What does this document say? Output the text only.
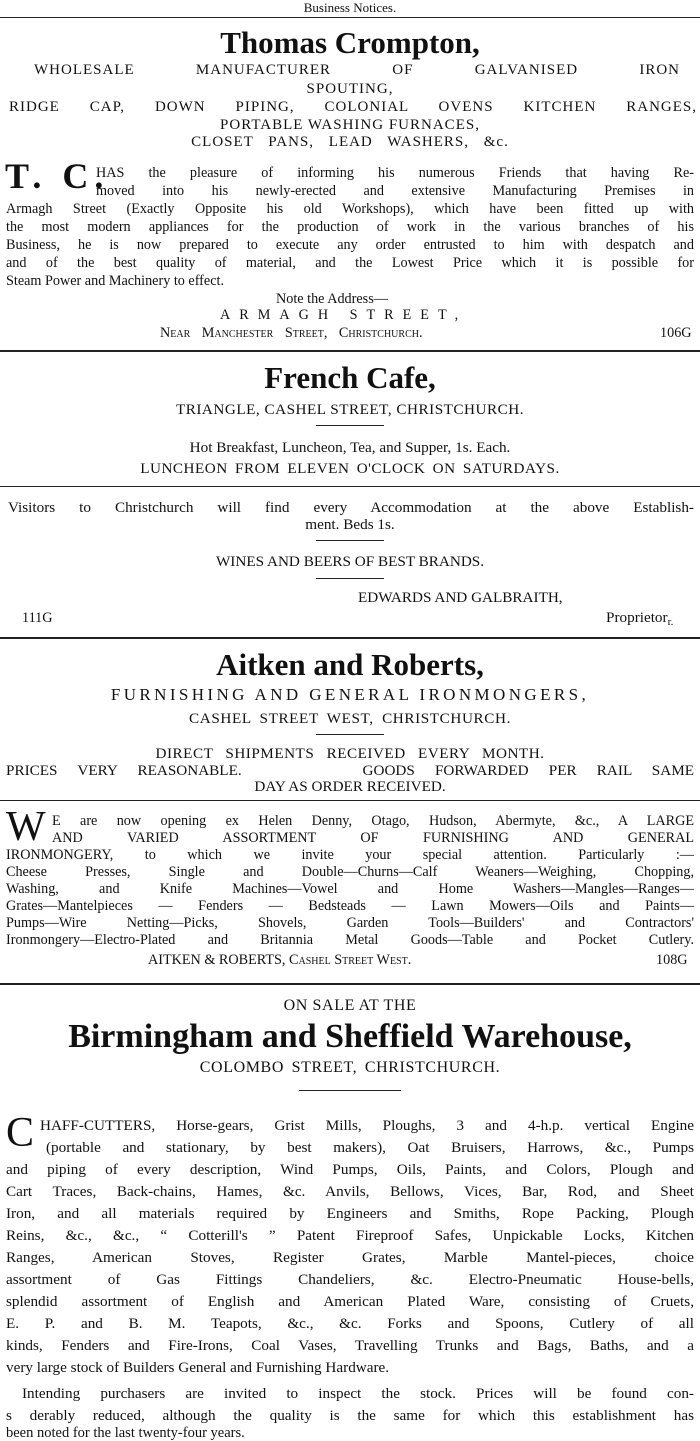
Business Notices.
Thomas Crompton,
WHOLESALE MANUFACTURER OF GALVANISED IRON
SPOUTING,
RIDGE CAP, DOWN PIPING, COLONIAL OVENS KITCHEN RANGES,
PORTABLE WASHING FURNACES,
CLOSET PANS, LEAD WASHERS, &c.
T. C.
HAS the pleasure of informing his numerous Friends that having Re-
moved into his newly-erected and extensive Manufacturing Premises in
Armagh Street (Exactly Opposite his old Workshops), which have been fitted up with
the most modern appliances for the production of work in the various branches of his
Business, he is now prepared to execute any order entrusted to him with despatch and
and of the best quality of material, and the Lowest Price which it is possible for
Steam Power and Machinery to effect.
Note the Address—
ARMAGH STREET,
Near Manchester Street, Christchurch.	106G
French Cafe,
TRIANGLE, CASHEL STREET, CHRISTCHURCH.
Hot Breakfast, Luncheon, Tea, and Supper, 1s. Each.
LUNCHEON FROM ELEVEN O'CLOCK ON SATURDAYS.
Visitors to Christchurch will find every Accommodation at the above Establish-
ment. Beds 1s.
WINES AND BEERS OF BEST BRANDS.
EDWARDS AND GALBRAITH,
Proprietorr.
111G
Aitken and Roberts,
FURNISHING AND GENERAL IRONMONGERS,
CASHEL STREET WEST, CHRISTCHURCH.
DIRECT SHIPMENTS RECEIVED EVERY MONTH.
PRICES VERY REASONABLE.      GOODS FORWARDED PER RAIL SAME
DAY AS ORDER RECEIVED.
W E are now opening ex Helen Denny, Otago, Hudson, Abermyte, &c., A LARGE
AND VARIED ASSORTMENT OF FURNISHING AND GENERAL
IRONMONGERY, to which we invite your special attention. Particularly :—
Cheese Presses, Single and Double—Churns—Calf Weaners—Weighing, Chopping,
Washing, and Knife Machines—Vowel and Home Washers—Mangles—Ranges—
Grates—Mantelpieces — Fenders — Bedsteads — Lawn Mowers—Oils and Paints—
Pumps—Wire Netting—Picks, Shovels, Garden Tools—Builders' and Contractors'
Ironmongery—Electro-Plated and Britannia Metal Goods—Table and Pocket Cutlery.
AITKEN & ROBERTS, Cashel Street West.	108G
ON SALE AT THE
Birmingham and Sheffield Warehouse,
COLOMBO STREET, CHRISTCHURCH.
C HAFF-CUTTERS, Horse-gears, Grist Mills, Ploughs, 3 and 4-h.p. vertical Engine
(portable and stationary, by best makers), Oat Bruisers, Harrows, &c., Pumps
and piping of every description, Wind Pumps, Oils, Paints, and Colors, Plough and
Cart Traces, Back-chains, Hames, &c. Anvils, Bellows, Vices, Bar, Rod, and Sheet
Iron, and all materials required by Engineers and Smiths, Rope Packing, Plough
Reins, &c., &c., “ Cotterill's ” Patent Fireproof Safes, Unpickable Locks, Kitchen
Ranges, American Stoves, Register Grates, Marble Mantel-pieces, choice
assortment of Gas Fittings Chandeliers, &c. Electro-Pneumatic House-bells,
splendid assortment of English and American Plated Ware, consisting of Cruets,
E. P. and B. M. Teapots, &c., &c. Forks and Spoons, Cutlery of all
kinds, Fenders and Fire-Irons, Coal Vases, Travelling Trunks and Bags, Baths, and a
very large stock of Builders General and Furnishing Hardware.
Intending purchasers are invited to inspect the stock. Prices will be found con-
s derably reduced, although the quality is the same for which this establishment has
been noted for the last twenty-four years.
